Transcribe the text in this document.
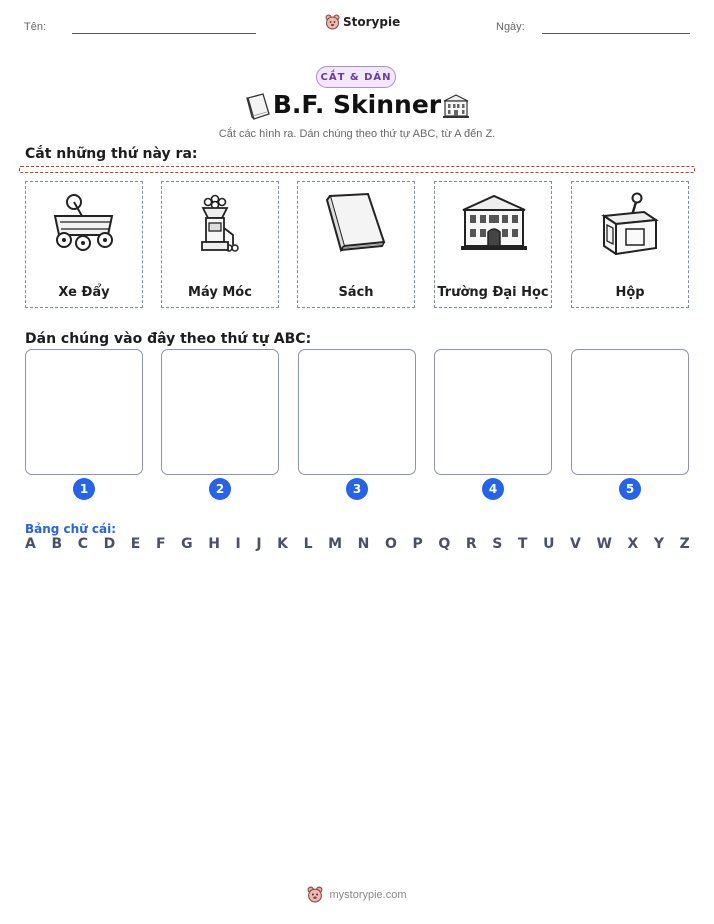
Tên:	Storypie	Ngày:
CẮT & DÁN
B.F. Skinner
Cắt các hình ra. Dán chúng theo thứ tự ABC, từ A đến Z.
Cắt những thứ này ra:
Xe Đẩy	Máy Móc	Sách	Trường Đại Học	Hộp
Dán chúng vào đây theo thứ tự ABC:
1	2	3	4	5
Bảng chữ cái:
A B C D E F G H I J K L M N O P Q R S T U V W X Y Z
mystorypie.com
